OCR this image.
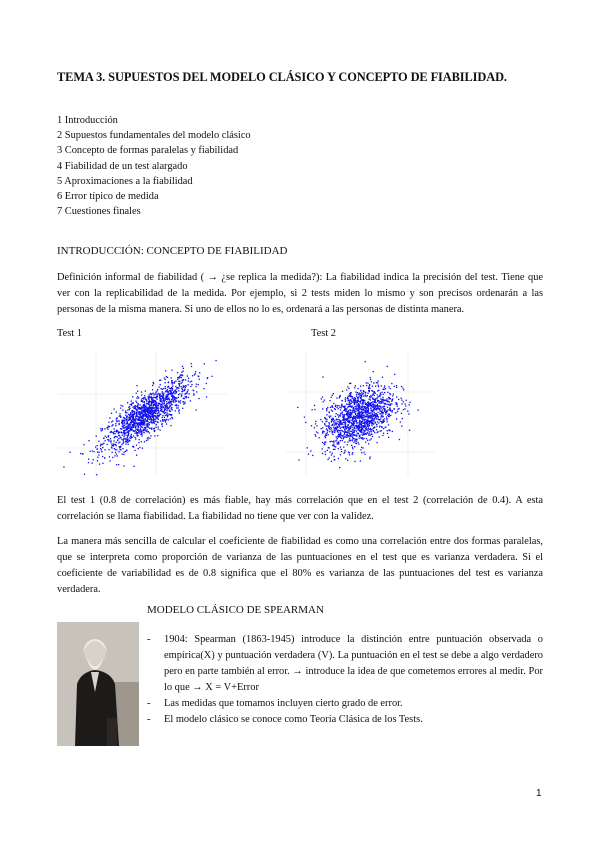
TEMA 3. SUPUESTOS DEL MODELO CLÁSICO Y CONCEPTO DE FIABILIDAD.
1 Introducción
2 Supuestos fundamentales del modelo clásico
3 Concepto de formas paralelas y fiabilidad
4 Fiabilidad de un test alargado
5 Aproximaciones a la fiabilidad
6 Error típico de medida
7 Cuestiones finales
INTRODUCCIÓN: CONCEPTO DE FIABILIDAD
Definición informal de fiabilidad ( → ¿se replica la medida?): La fiabilidad indica la precisión del test. Tiene que ver con la replicabilidad de la medida. Por ejemplo, si 2 tests miden lo mismo y son precisos ordenarán a las personas de la misma manera. Si uno de ellos no lo es, ordenará a las personas de distinta manera.
Test 1	Test 2
El test 1 (0.8 de correlación) es más fiable, hay más correlación que en el test 2 (correlación de 0.4). A esta correlación se llama fiabilidad. La fiabilidad no tiene que ver con la validez.
La manera más sencilla de calcular el coeficiente de fiabilidad es como una correlación entre dos formas paralelas, que se interpreta como proporción de varianza de las puntuaciones en el test que es varianza verdadera. Si el coeficiente de variabilidad es de 0.8 significa que el 80% es varianza de las puntuaciones del test es varianza verdadera.
MODELO CLÁSICO DE SPEARMAN
- 1904: Spearman (1863-1945) introduce la distinción entre puntuación observada o empírica(X) y puntuación verdadera (V). La puntuación en el test se debe a algo verdadero pero en parte también al error. → introduce la idea de que cometemos errores al medir. Por lo que → X = V+Error
- Las medidas que tomamos incluyen cierto grado de error.
- El modelo clásico se conoce como Teoría Clásica de los Tests.
1
